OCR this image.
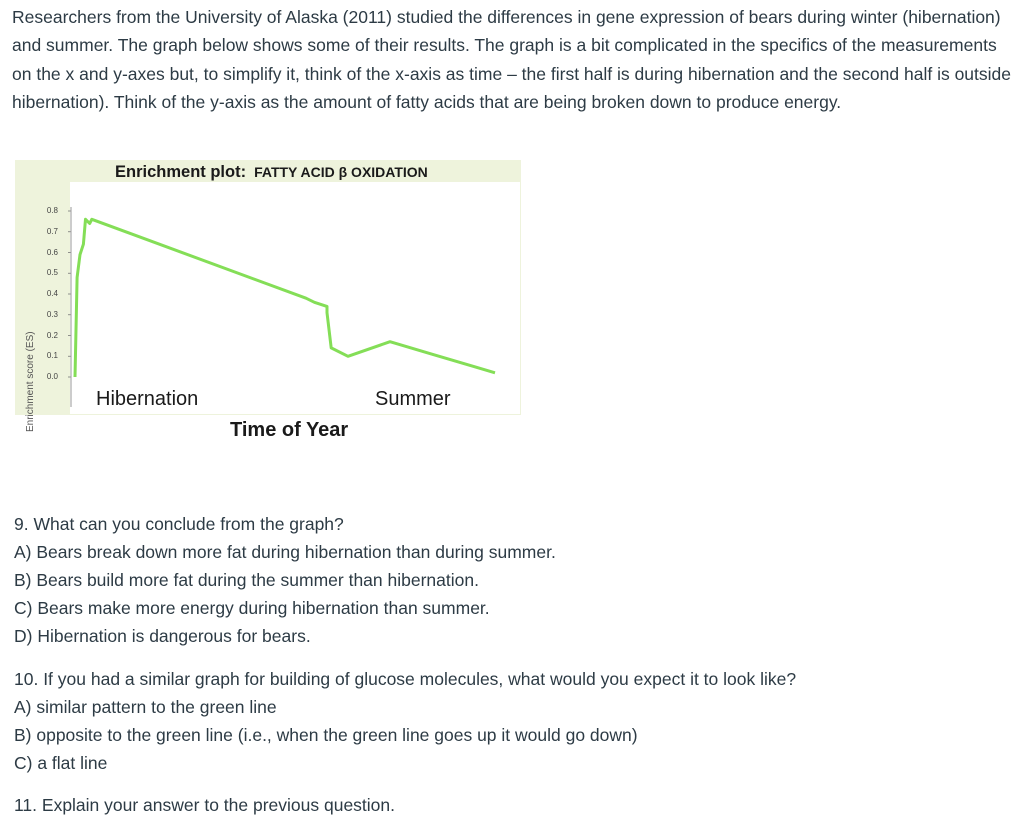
Researchers from the University of Alaska (2011) studied the differences in gene expression of bears during winter (hibernation) and summer. The graph below shows some of their results. The graph is a bit complicated in the specifics of the measurements on the x and y-axes but, to simplify it, think of the x-axis as time – the first half is during hibernation and the second half is outside hibernation). Think of the y-axis as the amount of fatty acids that are being broken down to produce energy.

Enrichment plot: FATTY ACID β OXIDATION
Enrichment score (ES)
0.8
0.7
0.6
0.5
0.4
0.3
0.2
0.1
0.0
Hibernation	Summer
Time of Year

9. What can you conclude from the graph?

A) Bears break down more fat during hibernation than during summer.

B) Bears build more fat during the summer than hibernation.

C) Bears make more energy during hibernation than summer.

D) Hibernation is dangerous for bears.

10. If you had a similar graph for building of glucose molecules, what would you expect it to look like?

A) similar pattern to the green line

B) opposite to the green line (i.e., when the green line goes up it would go down)

C) a flat line

11. Explain your answer to the previous question.
